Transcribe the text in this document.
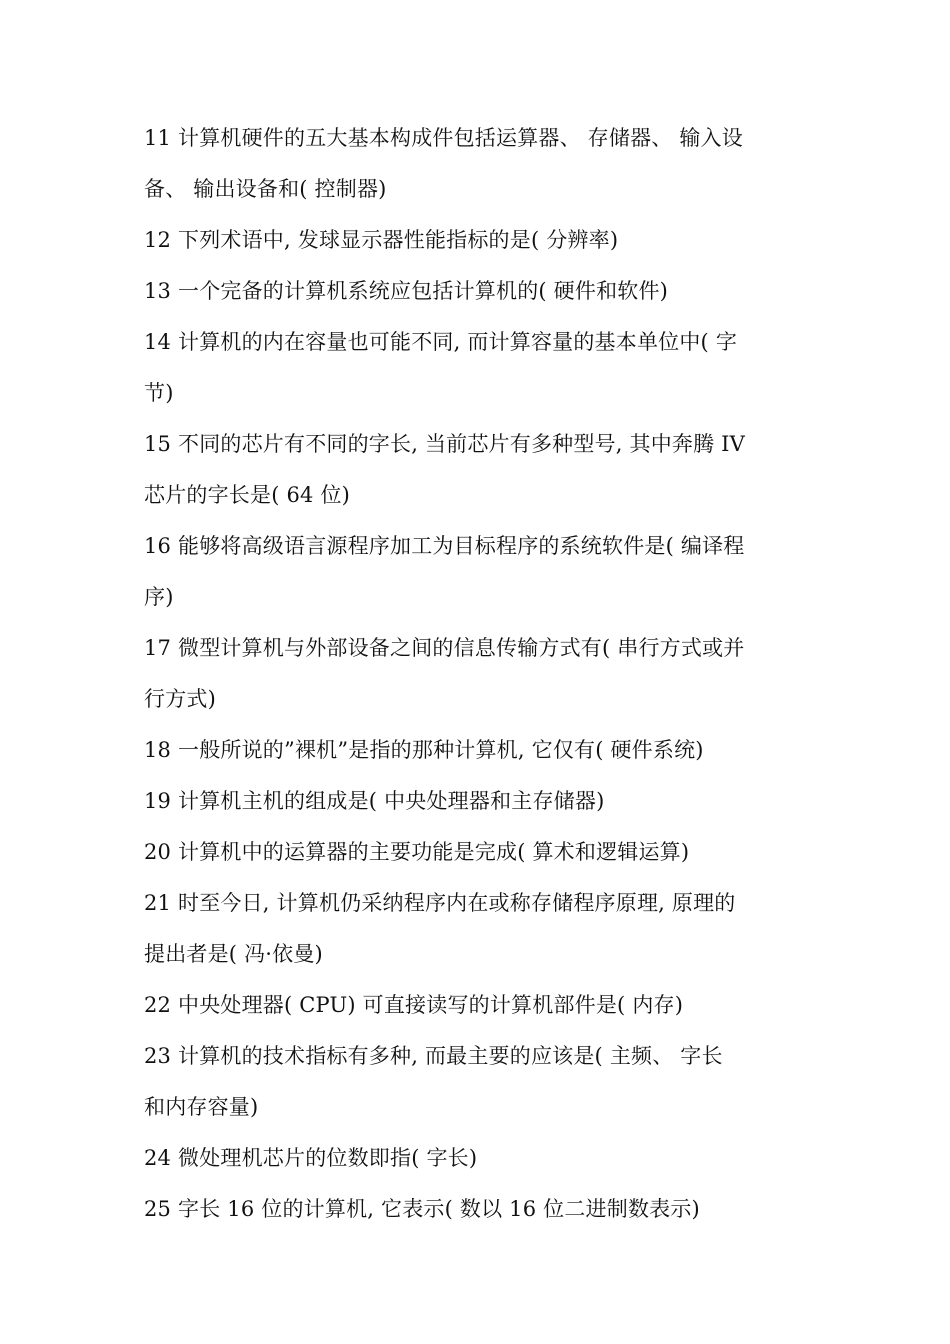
11 计算机硬件的五大基本构成件包括运算器、 存储器、 输入设
备、 输出设备和( 控制器)
12 下列术语中, 发球显示器性能指标的是( 分辨率)
13 一个完备的计算机系统应包括计算机的( 硬件和软件)
14 计算机的内在容量也可能不同, 而计算容量的基本单位中( 字
节)
15 不同的芯片有不同的字长, 当前芯片有多种型号, 其中奔腾 IV
芯片的字长是( 64 位)
16 能够将高级语言源程序加工为目标程序的系统软件是( 编译程
序)
17 微型计算机与外部设备之间的信息传输方式有( 串行方式或并
行方式)
18 一般所说的”裸机”是指的那种计算机, 它仅有( 硬件系统)
19 计算机主机的组成是( 中央处理器和主存储器)
20 计算机中的运算器的主要功能是完成( 算术和逻辑运算)
21 时至今日, 计算机仍采纳程序内在或称存储程序原理, 原理的
提出者是( 冯·依曼)
22 中央处理器( CPU) 可直接读写的计算机部件是( 内存)
23 计算机的技术指标有多种, 而最主要的应该是( 主频、 字长
和内存容量)
24 微处理机芯片的位数即指( 字长)
25 字长 16 位的计算机, 它表示( 数以 16 位二进制数表示)
